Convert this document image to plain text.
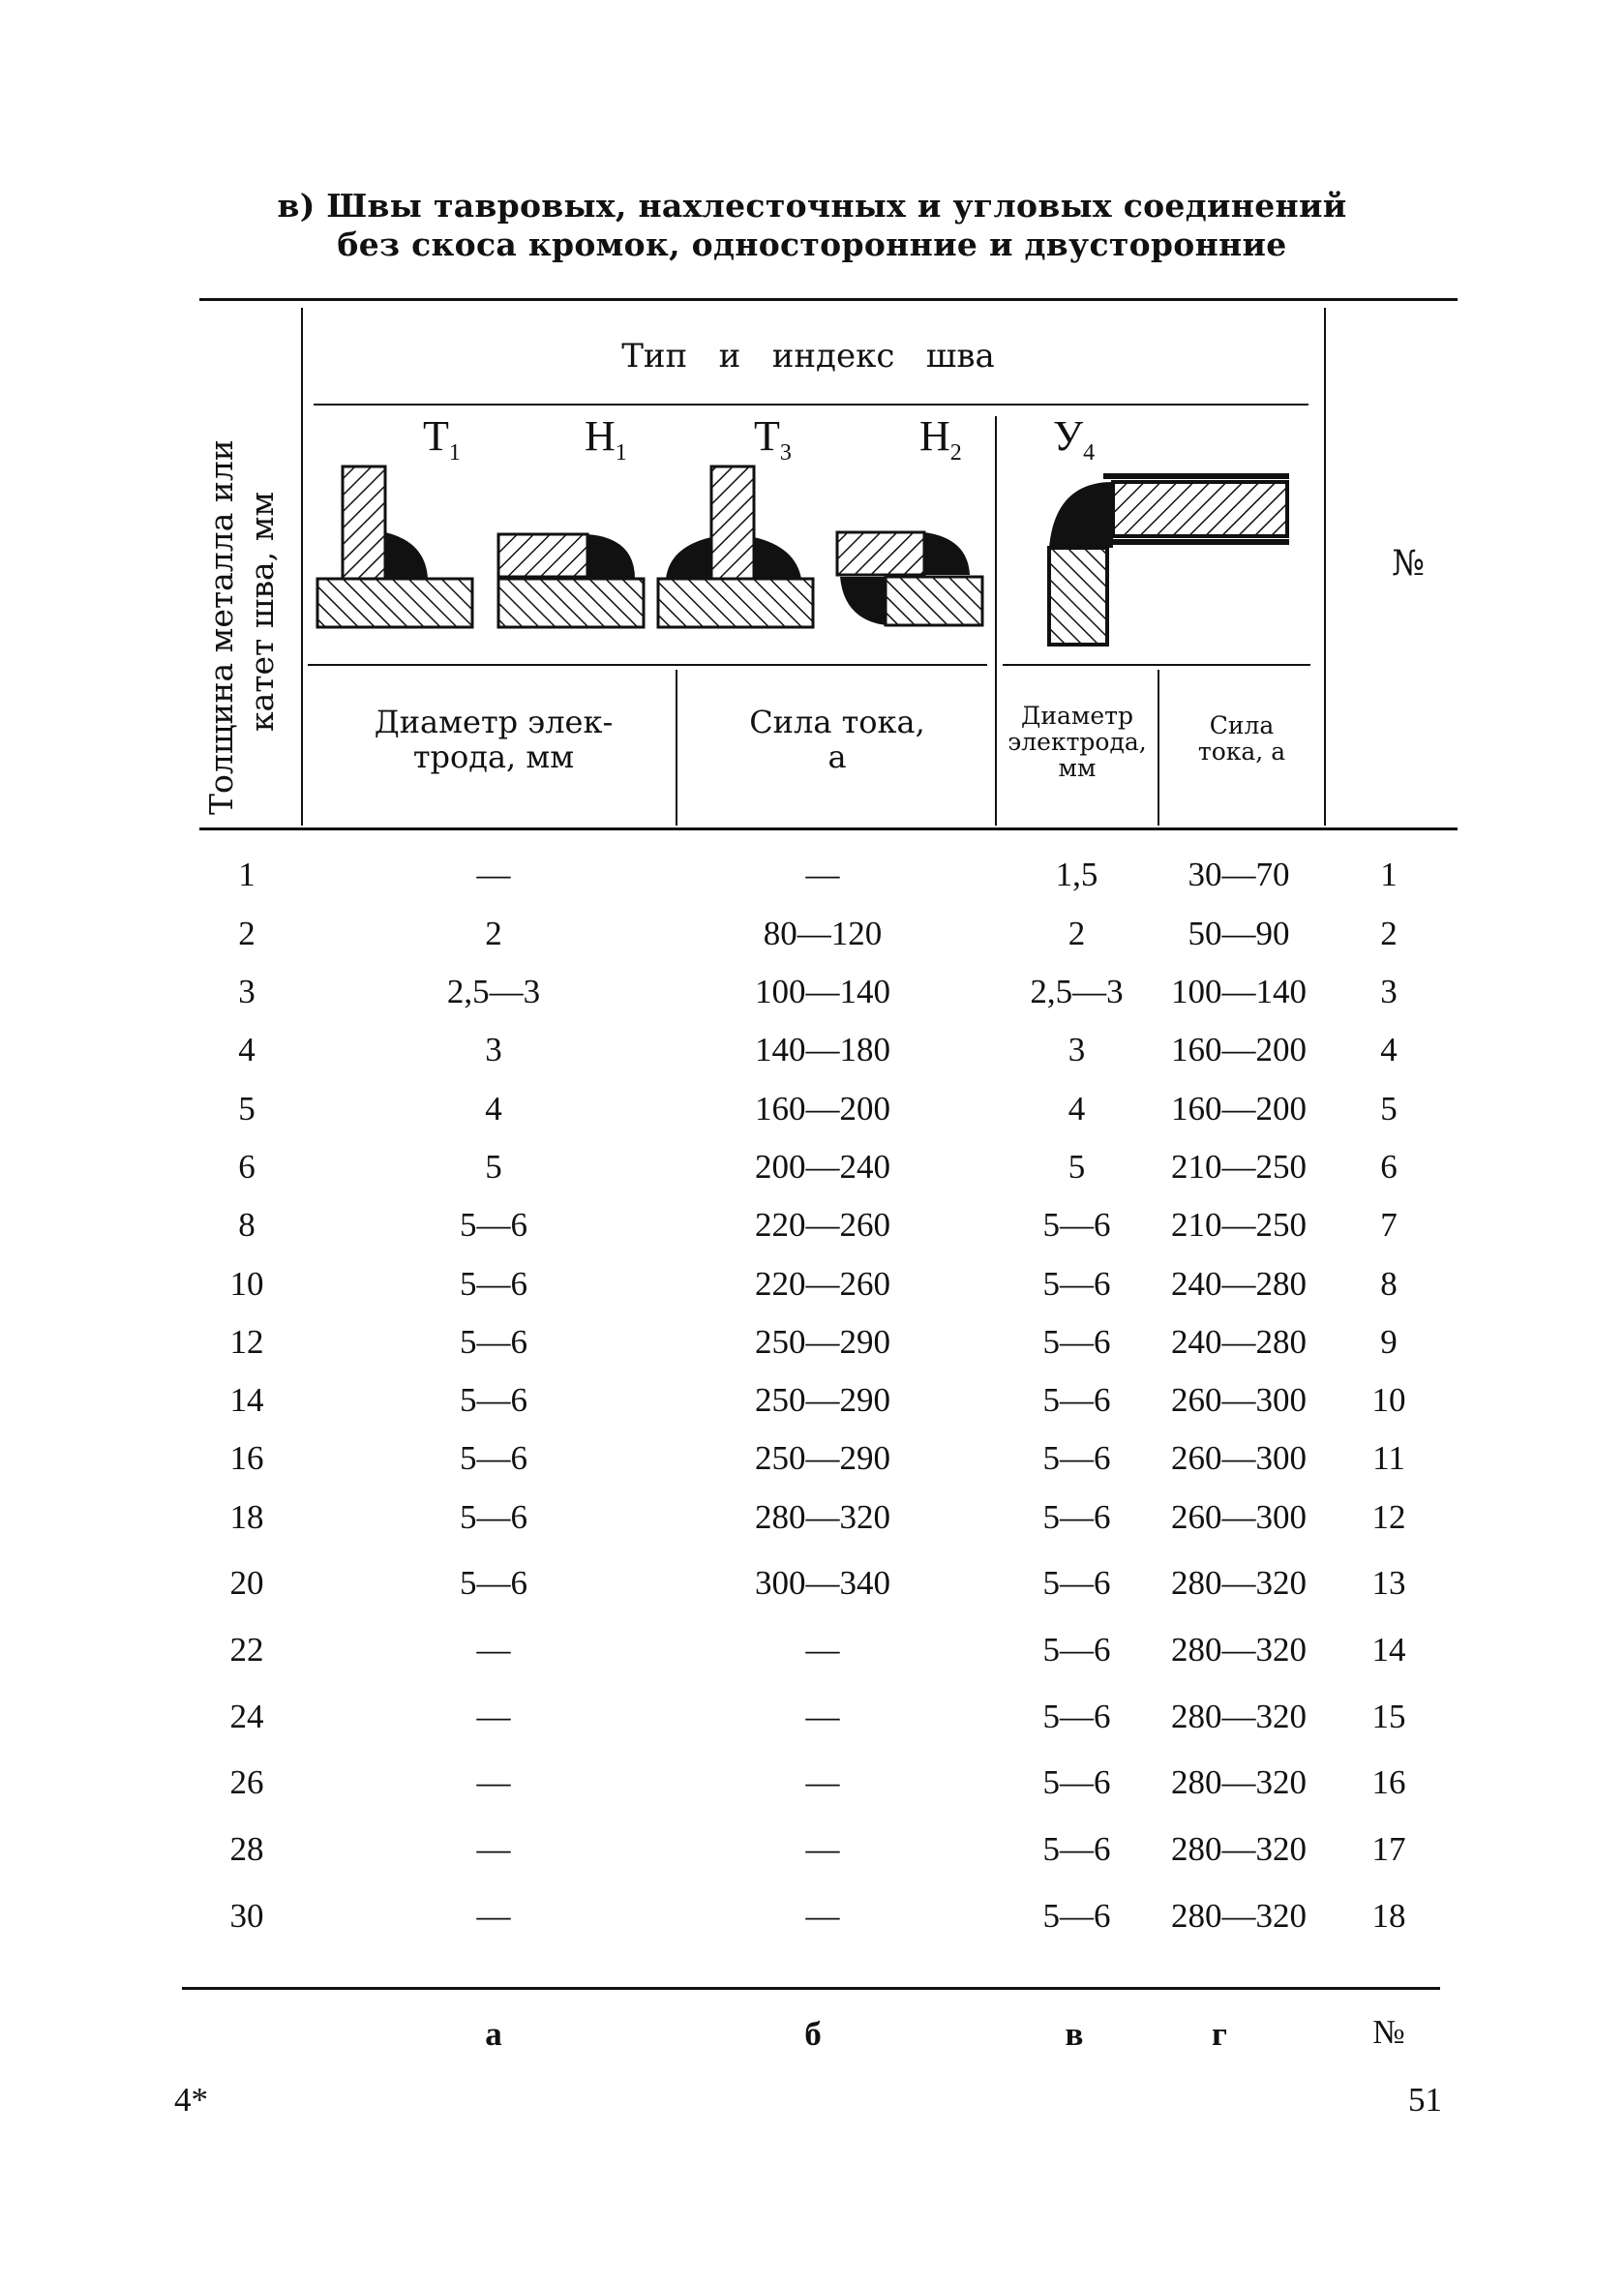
в) Швы тавровых, нахлесточных и угловых соединений
без скоса кромок, односторонние и двусторонние
Толщина металла или катет шва, мм
Тип   и   индекс   шва
№
$Т_1$	$Н_1$	$Т_3$	$Н_2$ $У_4$
Диаметр элек-
трода, мм
Сила тока,
а
Диаметр
электрода,
мм
Сила
тока, а
1	—	—	1,5	30—70	1
2	2	80—120	2	50—90	2
3	2,5—3	100—140	2,5—3	100—140	3
4	3	140—180	3	160—200	4
5	4	160—200	4	160—200	5
6	5	200—240	5	210—250	6
8	5—6	220—260	5—6	210—250	7
10	5—6	220—260	5—6	240—280	8
12	5—6	250—290	5—6	240—280	9
14	5—6	250—290	5—6	260—300	10
16	5—6	250—290	5—6	260—300	11
18	5—6	280—320	5—6	260—300	12
20	5—6	300—340	5—6	280—320	13
22	—	—	5—6	280—320	14
24	—	—	5—6	280—320	15
26	—	—	5—6	280—320	16
28	—	—	5—6	280—320	17
30	—	—	5—6	280—320	18
а	б	в	г	№
4*	51
